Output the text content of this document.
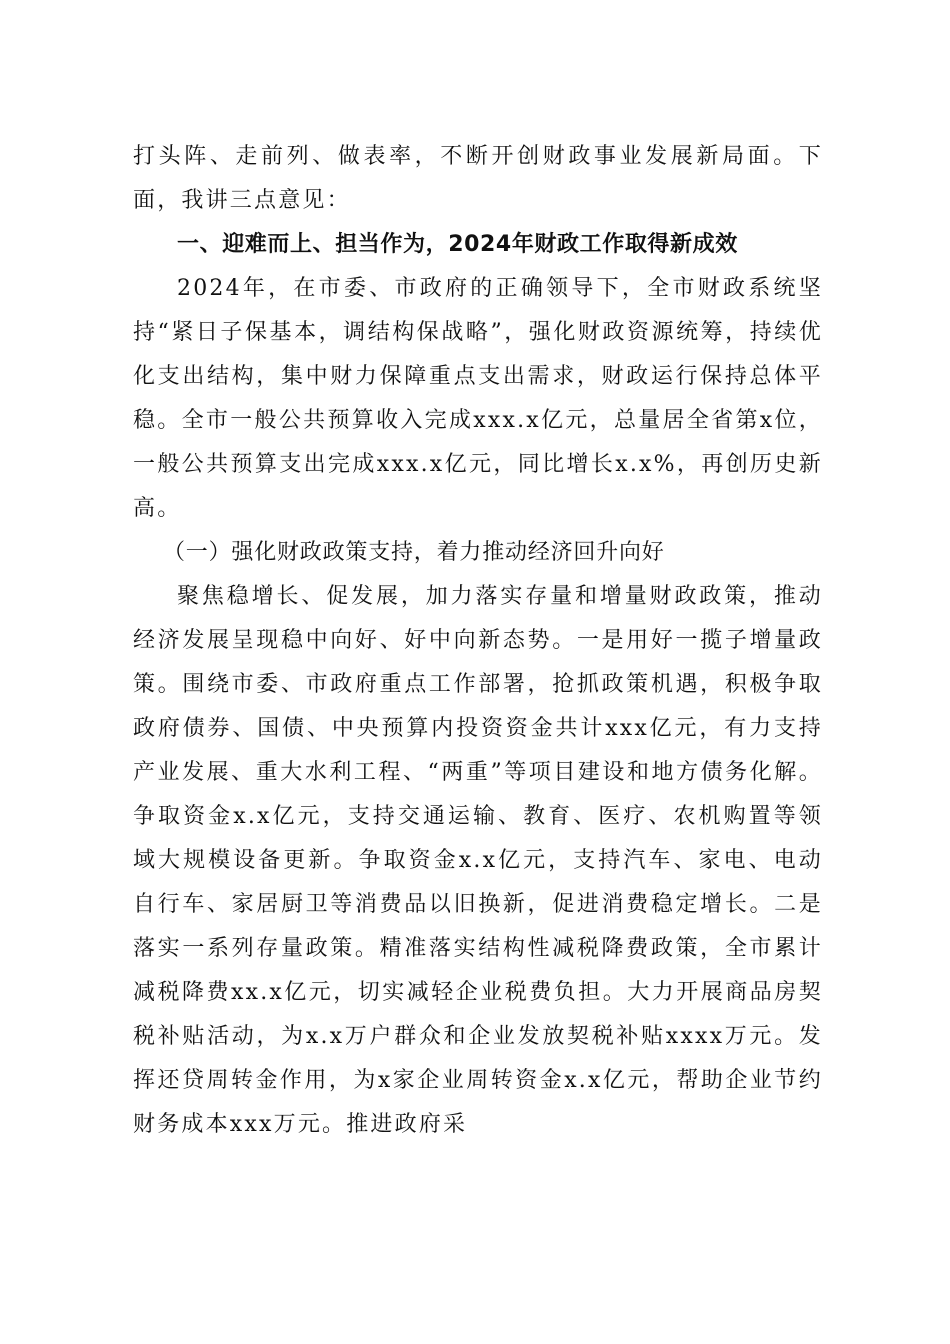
打头阵、走前列、做表率，不断开创财政事业发展新局面。下面，我讲三点意见：

一、迎难而上、担当作为，2024年财政工作取得新成效

2024年，在市委、市政府的正确领导下，全市财政系统坚持“紧日子保基本，调结构保战略”，强化财政资源统筹，持续优化支出结构，集中财力保障重点支出需求，财政运行保持总体平稳。全市一般公共预算收入完成xxx.x亿元，总量居全省第x位，一般公共预算支出完成xxx.x亿元，同比增长x.x%，再创历史新高。

（一）强化财政政策支持，着力推动经济回升向好

聚焦稳增长、促发展，加力落实存量和增量财政政策，推动经济发展呈现稳中向好、好中向新态势。一是用好一揽子增量政策。围绕市委、市政府重点工作部署，抢抓政策机遇，积极争取政府债券、国债、中央预算内投资资金共计xxx亿元，有力支持产业发展、重大水利工程、“两重”等项目建设和地方债务化解。争取资金x.x亿元，支持交通运输、教育、医疗、农机购置等领域大规模设备更新。争取资金x.x亿元，支持汽车、家电、电动自行车、家居厨卫等消费品以旧换新，促进消费稳定增长。二是落实一系列存量政策。精准落实结构性减税降费政策，全市累计减税降费xx.x亿元，切实减轻企业税费负担。大力开展商品房契税补贴活动，为x.x万户群众和企业发放契税补贴xxxx万元。发挥还贷周转金作用，为x家企业周转资金x.x亿元，帮助企业节约财务成本xxx万元。推进政府采
